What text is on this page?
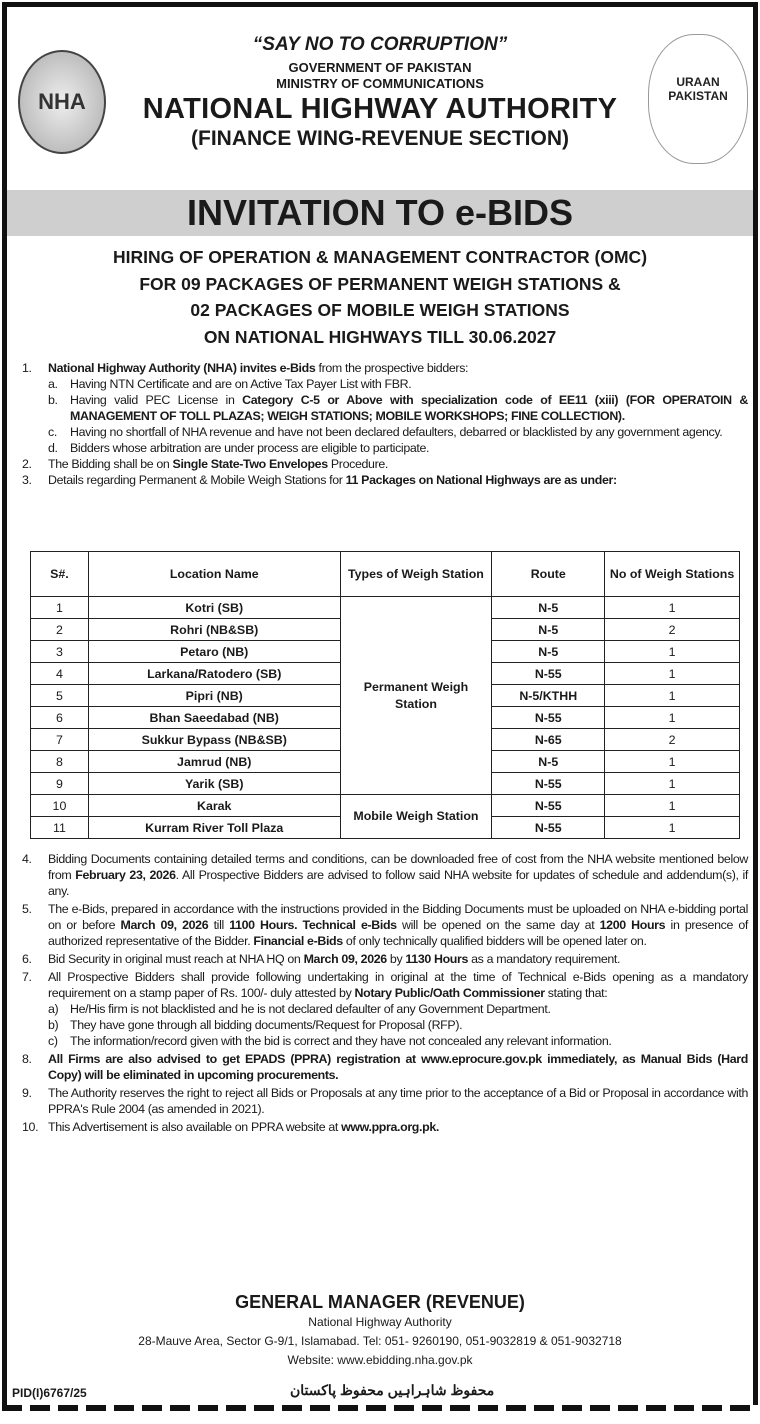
NHA
URAAN PAKISTAN
“SAY NO TO CORRUPTION”
GOVERNMENT OF PAKISTAN
MINISTRY OF COMMUNICATIONS
NATIONAL HIGHWAY AUTHORITY
(FINANCE WING-REVENUE SECTION)
INVITATION TO e-BIDS
HIRING OF OPERATION & MANAGEMENT CONTRACTOR (OMC)
FOR 09 PACKAGES OF PERMANENT WEIGH STATIONS &
02 PACKAGES OF MOBILE WEIGH STATIONS
ON NATIONAL HIGHWAYS TILL 30.06.2027
1.	National Highway Authority (NHA) invites e-Bids from the prospective bidders:
a. Having NTN Certificate and are on Active Tax Payer List with FBR.
b. Having valid PEC License in Category C-5 or Above with specialization code of EE11 (xiii) (FOR OPERATOIN & MANAGEMENT OF TOLL PLAZAS; WEIGH STATIONS; MOBILE WORKSHOPS; FINE COLLECTION).
c.	Having no shortfall of NHA revenue and have not been declared defaulters, debarred or blacklisted by any government agency.
d. Bidders whose arbitration are under process are eligible to participate.
2.	The Bidding shall be on Single State-Two Envelopes Procedure.
3.	Details regarding Permanent & Mobile Weigh Stations for 11 Packages on National Highways are as under:
S#.	Location Name	Types of Weigh Station	Route	No of Weigh Stations
1	Kotri (SB)	Permanent Weigh Station	N-5	1
2	Rohri (NB&SB)		N-5	2
3	Petaro (NB)		N-5	1
4	Larkana/Ratodero (SB)		N-55	1
5	Pipri (NB)		N-5/KTHH	1
6	Bhan Saeedabad (NB)		N-55	1
7	Sukkur Bypass (NB&SB)		N-65	2
8	Jamrud (NB)		N-5	1
9	Yarik (SB)		N-55	1
10	Karak	Mobile Weigh Station	N-55	1
11	Kurram River Toll Plaza		N-55	1
4.	Bidding Documents containing detailed terms and conditions, can be downloaded free of cost from the NHA website mentioned below from February 23, 2026. All Prospective Bidders are advised to follow said NHA website for updates of schedule and addendum(s), if any.
5.	The e-Bids, prepared in accordance with the instructions provided in the Bidding Documents must be uploaded on NHA e-bidding portal on or before March 09, 2026 till 1100 Hours. Technical e-Bids will be opened on the same day at 1200 Hours in presence of authorized representative of the Bidder. Financial e-Bids of only technically qualified bidders will be opened later on.
6.	Bid Security in original must reach at NHA HQ on March 09, 2026 by 1130 Hours as a mandatory requirement.
7.	All Prospective Bidders shall provide following undertaking in original at the time of Technical e-Bids opening as a mandatory requirement on a stamp paper of Rs. 100/- duly attested by Notary Public/Oath Commissioner stating that:
a) He/His firm is not blacklisted and he is not declared defaulter of any Government Department.
b) They have gone through all bidding documents/Request for Proposal (RFP).
c) The information/record given with the bid is correct and they have not concealed any relevant information.
8.	All Firms are also advised to get EPADS (PPRA) registration at www.eprocure.gov.pk immediately, as Manual Bids (Hard Copy) will be eliminated in upcoming procurements.
9.	The Authority reserves the right to reject all Bids or Proposals at any time prior to the acceptance of a Bid or Proposal in accordance with PPRA's Rule 2004 (as amended in 2021).
10. This Advertisement is also available on PPRA website at www.ppra.org.pk.
GENERAL MANAGER (REVENUE)
National Highway Authority
28-Mauve Area, Sector G-9/1, Islamabad. Tel: 051- 9260190, 051-9032819 & 051-9032718
Website: www.ebidding.nha.gov.pk
PID(I)6767/25	محفوظ شاہراہیں محفوظ پاکستان
